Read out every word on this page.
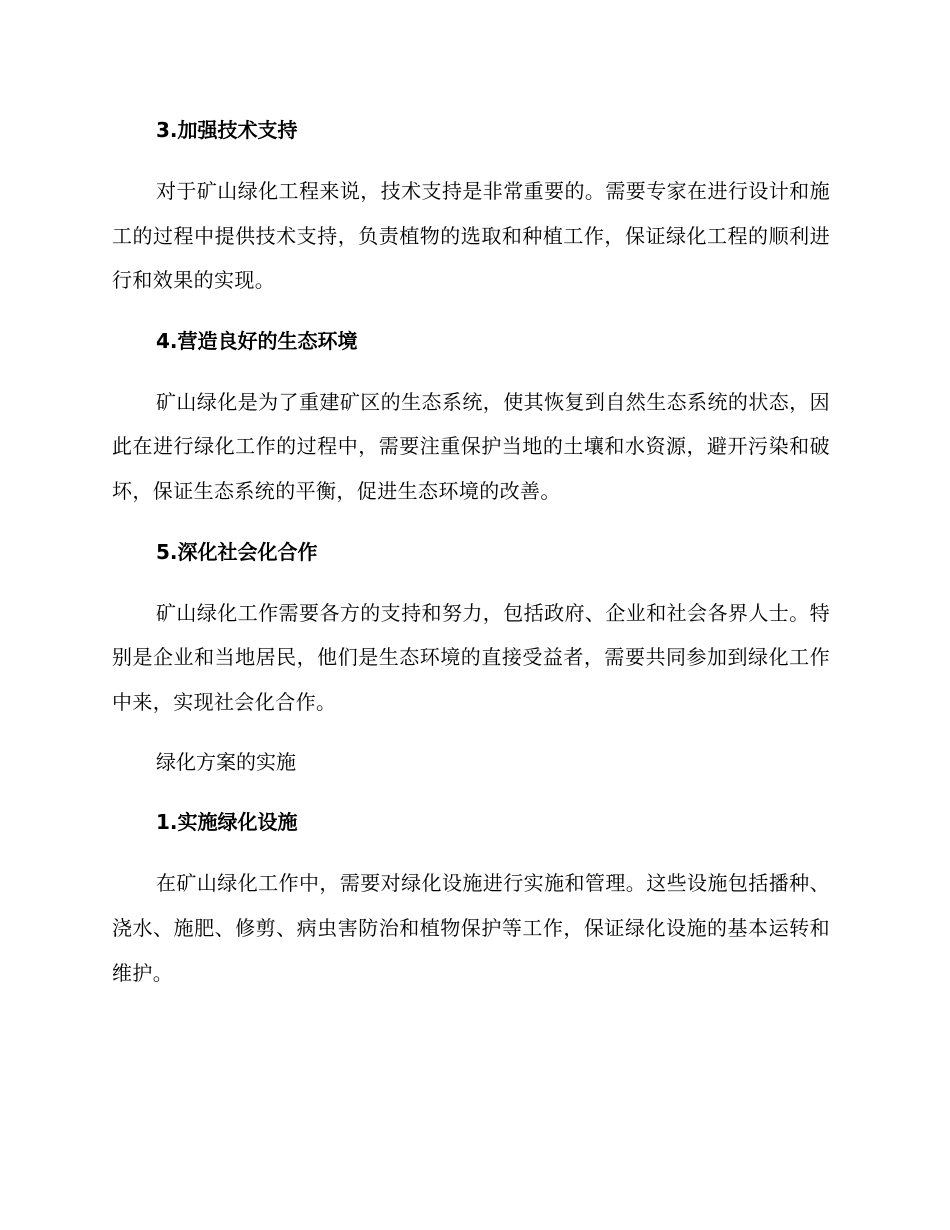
3.加强技术支持

对于矿山绿化工程来说，技术支持是非常重要的。需要专家在进行设计和施工的过程中提供技术支持，负责植物的选取和种植工作，保证绿化工程的顺利进行和效果的实现。

4.营造良好的生态环境

矿山绿化是为了重建矿区的生态系统，使其恢复到自然生态系统的状态，因此在进行绿化工作的过程中，需要注重保护当地的土壤和水资源，避开污染和破坏，保证生态系统的平衡，促进生态环境的改善。

5.深化社会化合作

矿山绿化工作需要各方的支持和努力，包括政府、企业和社会各界人士。特别是企业和当地居民，他们是生态环境的直接受益者，需要共同参加到绿化工作中来，实现社会化合作。

绿化方案的实施
1.实施绿化设施

在矿山绿化工作中，需要对绿化设施进行实施和管理。这些设施包括播种、浇水、施肥、修剪、病虫害防治和植物保护等工作，保证绿化设施的基本运转和维护。
